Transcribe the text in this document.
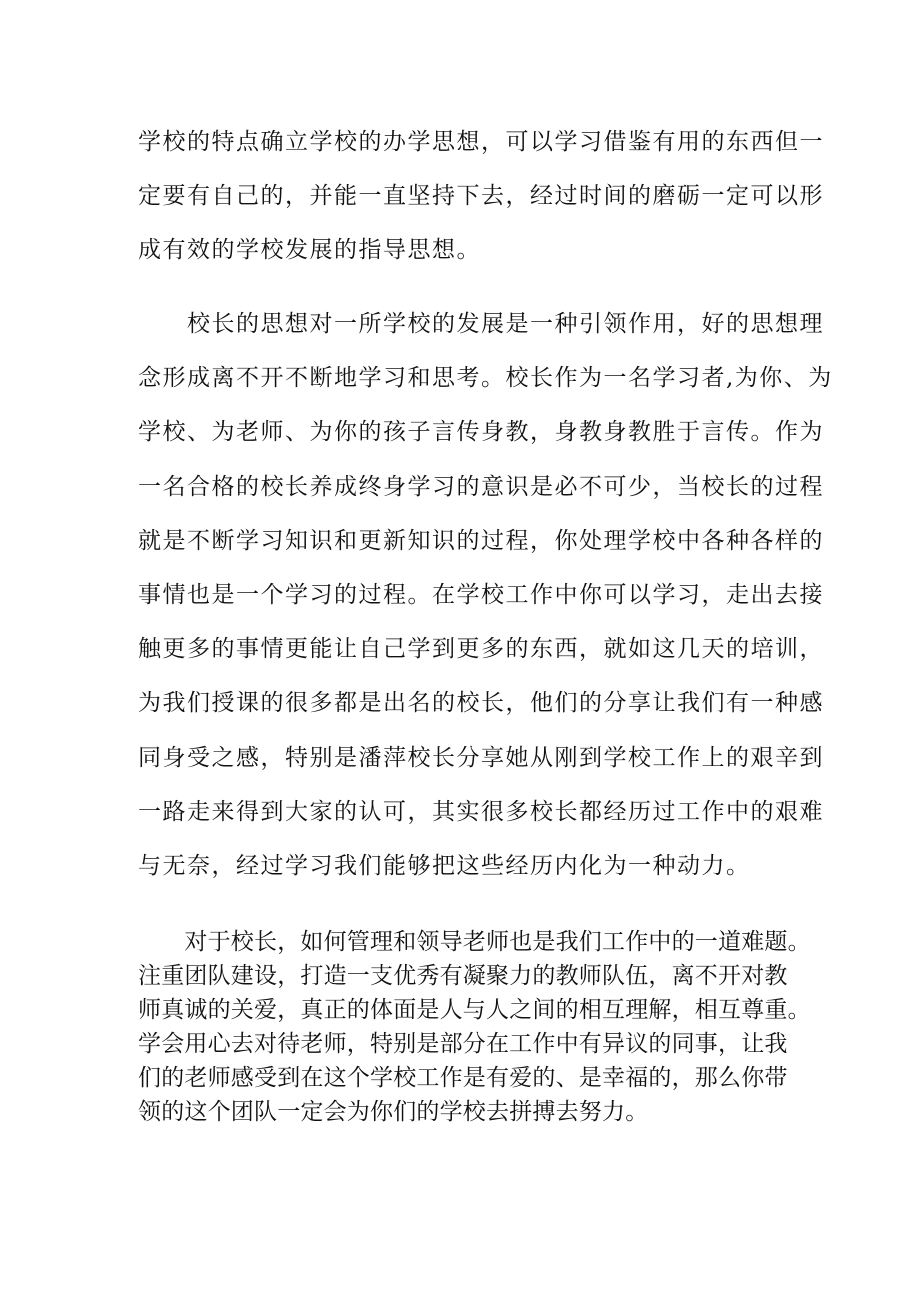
学校的特点确立学校的办学思想，可以学习借鉴有用的东西但一
定要有自己的，并能一直坚持下去，经过时间的磨砺一定可以形
成有效的学校发展的指导思想。
　　校长的思想对一所学校的发展是一种引领作用，好的思想理
念形成离不开不断地学习和思考。校长作为一名学习者,为你、为
学校、为老师、为你的孩子言传身教，身教身教胜于言传。作为
一名合格的校长养成终身学习的意识是必不可少，当校长的过程
就是不断学习知识和更新知识的过程，你处理学校中各种各样的
事情也是一个学习的过程。在学校工作中你可以学习，走出去接
触更多的事情更能让自己学到更多的东西，就如这几天的培训，
为我们授课的很多都是出名的校长，他们的分享让我们有一种感
同身受之感，特别是潘萍校长分享她从刚到学校工作上的艰辛到
一路走来得到大家的认可，其实很多校长都经历过工作中的艰难
与无奈，经过学习我们能够把这些经历内化为一种动力。
　　对于校长，如何管理和领导老师也是我们工作中的一道难题。
注重团队建设，打造一支优秀有凝聚力的教师队伍，离不开对教
师真诚的关爱，真正的体面是人与人之间的相互理解，相互尊重。
学会用心去对待老师，特别是部分在工作中有异议的同事，让我
们的老师感受到在这个学校工作是有爱的、是幸福的，那么你带
领的这个团队一定会为你们的学校去拼搏去努力。
